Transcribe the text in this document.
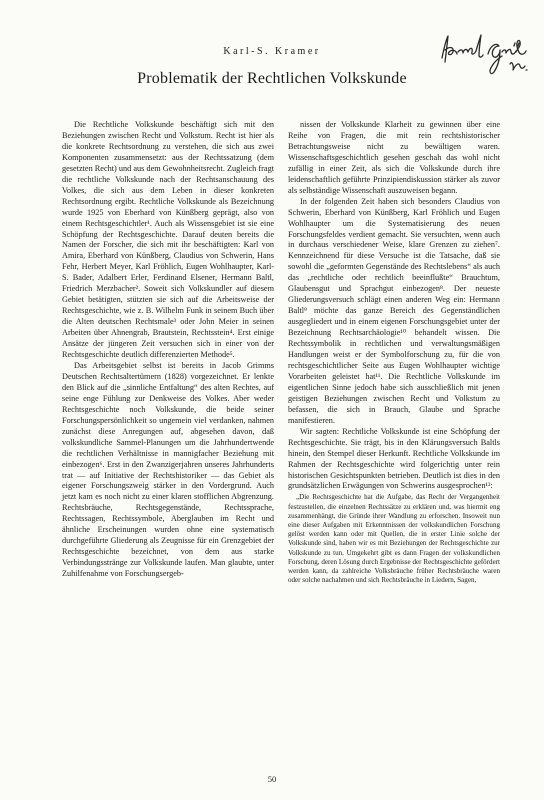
Karl-S. Kramer
Problematik der Rechtlichen Volkskunde

Die Rechtliche Volkskunde beschäftigt sich mit den Beziehungen zwischen Recht und Volkstum. Recht ist hier als die konkrete Rechtsordnung zu verstehen, die sich aus zwei Komponenten zusammensetzt: aus der Rechtssatzung (dem gesetzten Recht) und aus dem Gewohnheitsrecht. Zugleich fragt die rechtliche Volkskunde nach der Rechtsanschauung des Volkes, die sich aus dem Leben in dieser konkreten Rechtsordnung ergibt. Rechtliche Volkskunde als Bezeichnung wurde 1925 von Eberhard von Künßberg geprägt, also von einem Rechtsgeschichtler¹. Auch als Wissensgebiet ist sie eine Schöpfung der Rechtsgeschichte. Darauf deuten bereits die Namen der Forscher, die sich mit ihr beschäftigten: Karl von Amira, Eberhard von Künßberg, Claudius von Schwerin, Hans Fehr, Herbert Meyer, Karl Fröhlich, Eugen Wohlhaupter, Karl-S. Bader, Adalbert Erler, Ferdinand Elsener, Hermann Baltl, Friedrich Merzbacher². Soweit sich Volkskundler auf diesem Gebiet betätigten, stützten sie sich auf die Arbeitsweise der Rechtsgeschichte, wie z. B. Wilhelm Funk in seinem Buch über die Alten deutschen Rechtsmale³ oder John Meier in seinen Arbeiten über Ahnengrab, Brautstein, Rechtsstein⁴. Erst einige Ansätze der jüngeren Zeit versuchen sich in einer von der Rechtsgeschichte deutlich differenzierten Methode⁵.

Das Arbeitsgebiet selbst ist bereits in Jacob Grimms Deutschen Rechtsaltertümern (1828) vorgezeichnet. Er lenkte den Blick auf die „sinnliche Entfaltung“ des alten Rechtes, auf seine enge Fühlung zur Denkweise des Volkes. Aber weder Rechtsgeschichte noch Volkskunde, die beide seiner Forschungspersönlichkeit so ungemein viel verdanken, nahmen zunächst diese Anregungen auf, abgesehen davon, daß volkskundliche Sammel-Planungen um die Jahrhundertwende die rechtlichen Verhältnisse in mannigfacher Beziehung mit einbezogen⁶. Erst in den Zwanzigerjahren unseres Jahrhunderts trat — auf Initiative der Rechtshistoriker — das Gebiet als eigener Forschungszweig stärker in den Vordergrund. Auch jetzt kam es noch nicht zu einer klaren stofflichen Abgrenzung. Rechtsbräuche, Rechtsgegenstände, Rechtssprache, Rechtssagen, Rechtssymbole, Aberglauben im Recht und ähnliche Erscheinungen wurden ohne eine systematisch durchgeführte Gliederung als Zeugnisse für ein Grenzgebiet der Rechtsgeschichte bezeichnet, von dem aus starke Verbindungsstränge zur Volkskunde laufen. Man glaubte, unter Zuhilfenahme von Forschungsergeb-

nissen der Volkskunde Klarheit zu gewinnen über eine Reihe von Fragen, die mit rein rechtshistorischer Betrachtungsweise nicht zu bewältigen waren. Wissenschaftsgeschichtlich gesehen geschah das wohl nicht zufällig in einer Zeit, als sich die Volkskunde durch ihre leidenschaftlich geführte Prinzipiendiskussion stärker als zuvor als selbständige Wissenschaft auszuweisen begann.

In der folgenden Zeit haben sich besonders Claudius von Schwerin, Eberhard von Künßberg, Karl Fröhlich und Eugen Wohlhaupter um die Systematisierung des neuen Forschungsfeldes verdient gemacht. Sie versuchten, wenn auch in durchaus verschiedener Weise, klare Grenzen zu ziehen⁷. Kennzeichnend für diese Versuche ist die Tatsache, daß sie sowohl die „geformten Gegenstände des Rechtslebens“ als auch das „rechtliche oder rechtlich beeinflußte“ Brauchtum, Glaubensgut und Sprachgut einbezogen⁸. Der neueste Gliederungsversuch schlägt einen anderen Weg ein: Hermann Baltl⁹ möchte das ganze Bereich des Gegenständlichen ausgegliedert und in einem eigenen Forschungsgebiet unter der Bezeichnung Rechtsarchäologie¹⁰ behandelt wissen. Die Rechtssymbolik in rechtlichen und verwaltungsmäßigen Handlungen weist er der Symbolforschung zu, für die von rechtsgeschichtlicher Seite aus Eugen Wohlhaupter wichtige Vorarbeiten geleistet hat¹¹. Die Rechtliche Volkskunde im eigentlichen Sinne jedoch habe sich ausschließlich mit jenen geistigen Beziehungen zwischen Recht und Volkstum zu befassen, die sich in Brauch, Glaube und Sprache manifestieren.

Wir sagten: Rechtliche Volkskunde ist eine Schöpfung der Rechtsgeschichte. Sie trägt, bis in den Klärungsversuch Baltls hinein, den Stempel dieser Herkunft. Rechtliche Volkskunde im Rahmen der Rechtsgeschichte wird folgerichtig unter rein historischen Gesichtspunkten betrieben. Deutlich ist dies in den grundsätzlichen Erwägungen von Schwerins ausgesprochen¹²:

„Die Rechtsgeschichte hat die Aufgabe, das Recht der Vergangenheit festzustellen, die einzelnen Rechtssätze zu erklären und, was hiermit eng zusammenhängt, die Gründe ihrer Wandlung zu erforschen. Insoweit nun eine dieser Aufgaben mit Erkenntnissen der volkskundlichen Forschung gelöst werden kann oder mit Quellen, die in erster Linie solche der Volkskunde sind, haben wir es mit Beziehungen der Rechtsgeschichte zur Volkskunde zu tun. Umgekehrt gibt es dann Fragen der volkskundlichen Forschung, deren Lösung durch Ergebnisse der Rechtsgeschichte gefördert werden kann, da zahlreiche Volksbräuche früher Rechtsbräuche waren oder solche nachahmen und sich Rechtsbräuche in Liedern, Sagen,

50
